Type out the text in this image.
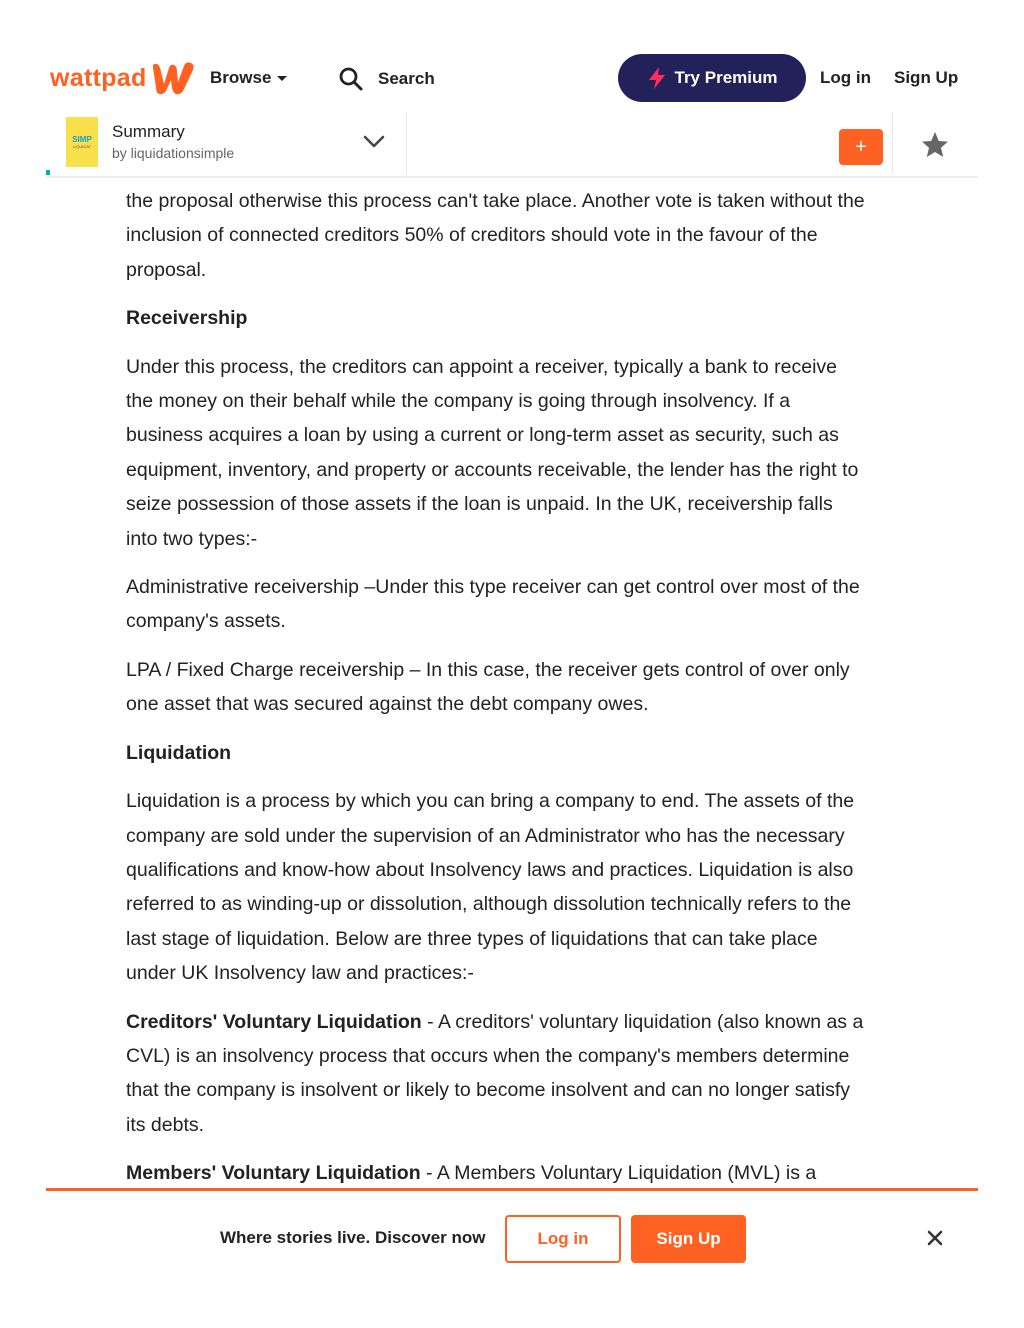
wattpad	Browse	Search	Try Premium	Log in Sign Up
SIMP
LIQUIDAT
Summary
by liquidationsimple	+

the proposal otherwise this process can't take place. Another vote is taken without the inclusion of connected creditors 50% of creditors should vote in the favour of the proposal.

Receivership

Under this process, the creditors can appoint a receiver, typically a bank to receive the money on their behalf while the company is going through insolvency. If a business acquires a loan by using a current or long-term asset as security, such as equipment, inventory, and property or accounts receivable, the lender has the right to seize possession of those assets if the loan is unpaid. In the UK, receivership falls into two types:-

Administrative receivership –Under this type receiver can get control over most of the company's assets.

LPA / Fixed Charge receivership – In this case, the receiver gets control of over only one asset that was secured against the debt company owes.

Liquidation

Liquidation is a process by which you can bring a company to end. The assets of the company are sold under the supervision of an Administrator who has the necessary qualifications and know-how about Insolvency laws and practices. Liquidation is also referred to as winding-up or dissolution, although dissolution technically refers to the last stage of liquidation. Below are three types of liquidations that can take place under UK Insolvency law and practices:-

Creditors' Voluntary Liquidation - A creditors' voluntary liquidation (also known as a CVL) is an insolvency process that occurs when the company's members determine that the company is insolvent or likely to become insolvent and can no longer satisfy its debts.

Members' Voluntary Liquidation - A Members Voluntary Liquidation (MVL) is a

Where stories live. Discover now	Log in	Sign Up
